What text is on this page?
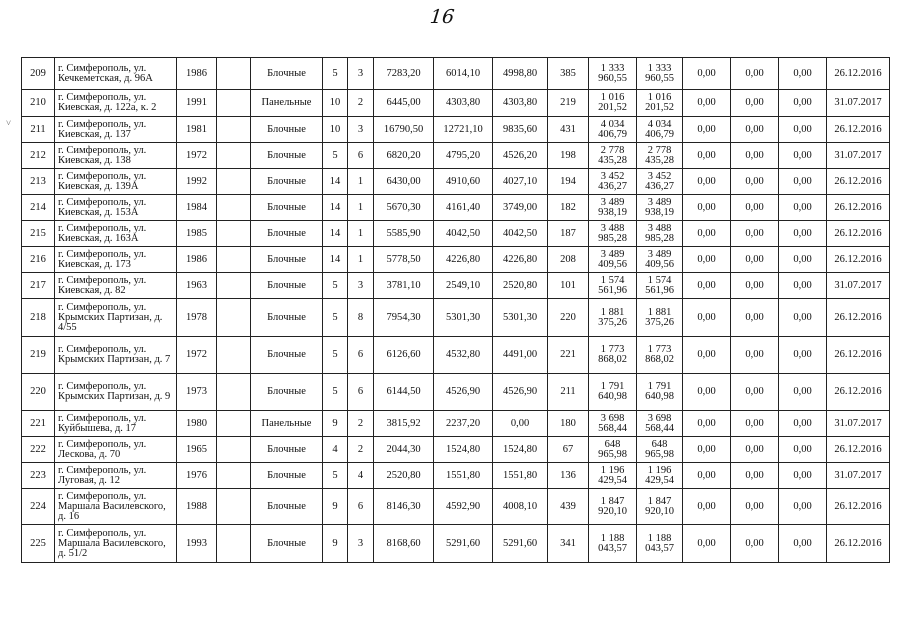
16
˅
209	г. Симферополь, ул. Кечкеметская, д. 96А	1986		Блочные	5	3	7283,20	6014,10	4998,80	385	1 333 960,55	1 333 960,55	0,00	0,00	0,00	26.12.2016
210	г. Симферополь, ул. Киевская, д. 122а, к. 2	1991		Панельные	10	2	6445,00	4303,80	4303,80	219	1 016 201,52	1 016 201,52	0,00	0,00	0,00	31.07.2017
211	г. Симферополь, ул. Киевская, д. 137	1981		Блочные	10	3	16790,50	12721,10	9835,60	431	4 034 406,79	4 034 406,79	0,00	0,00	0,00	26.12.2016
212	г. Симферополь, ул. Киевская, д. 138	1972		Блочные	5	6	6820,20	4795,20	4526,20	198	2 778 435,28	2 778 435,28	0,00	0,00	0,00	31.07.2017
213	г. Симферополь, ул. Киевская, д. 139А	1992		Блочные	14	1	6430,00	4910,60	4027,10	194	3 452 436,27	3 452 436,27	0,00	0,00	0,00	26.12.2016
214	г. Симферополь, ул. Киевская, д. 153А	1984		Блочные	14	1	5670,30	4161,40	3749,00	182	3 489 938,19	3 489 938,19	0,00	0,00	0,00	26.12.2016
215	г. Симферополь, ул. Киевская, д. 163А	1985		Блочные	14	1	5585,90	4042,50	4042,50	187	3 488 985,28	3 488 985,28	0,00	0,00	0,00	26.12.2016
216	г. Симферополь, ул. Киевская, д. 173	1986		Блочные	14	1	5778,50	4226,80	4226,80	208	3 489 409,56	3 489 409,56	0,00	0,00	0,00	26.12.2016
217	г. Симферополь, ул. Киевская, д. 82	1963		Блочные	5	3	3781,10	2549,10	2520,80	101	1 574 561,96	1 574 561,96	0,00	0,00	0,00	31.07.2017
218	г. Симферополь, ул. Крымских Партизан, д. 4/55	1978		Блочные	5	8	7954,30	5301,30	5301,30	220	1 881 375,26	1 881 375,26	0,00	0,00	0,00	26.12.2016
219	г. Симферополь, ул. Крымских Партизан, д. 7	1972		Блочные	5	6	6126,60	4532,80	4491,00	221	1 773 868,02	1 773 868,02	0,00	0,00	0,00	26.12.2016
220	г. Симферополь, ул. Крымских Партизан, д. 9	1973		Блочные	5	6	6144,50	4526,90	4526,90	211	1 791 640,98	1 791 640,98	0,00	0,00	0,00	26.12.2016
221	г. Симферополь, ул. Куйбышева, д. 17	1980		Панельные	9	2	3815,92	2237,20	0,00	180	3 698 568,44	3 698 568,44	0,00	0,00	0,00	31.07.2017
222	г. Симферополь, ул. Лескова, д. 70	1965		Блочные	4	2	2044,30	1524,80	1524,80	67	648 965,98	648 965,98	0,00	0,00	0,00	26.12.2016
223	г. Симферополь, ул. Луговая, д. 12	1976		Блочные	5	4	2520,80	1551,80	1551,80	136	1 196 429,54	1 196 429,54	0,00	0,00	0,00	31.07.2017
224	г. Симферополь, ул. Маршала Василевского, д. 16	1988		Блочные	9	6	8146,30	4592,90	4008,10	439	1 847 920,10	1 847 920,10	0,00	0,00	0,00	26.12.2016
225	г. Симферополь, ул. Маршала Василевского, д. 51/2	1993		Блочные	9	3	8168,60	5291,60	5291,60	341	1 188 043,57	1 188 043,57	0,00	0,00	0,00	26.12.2016
